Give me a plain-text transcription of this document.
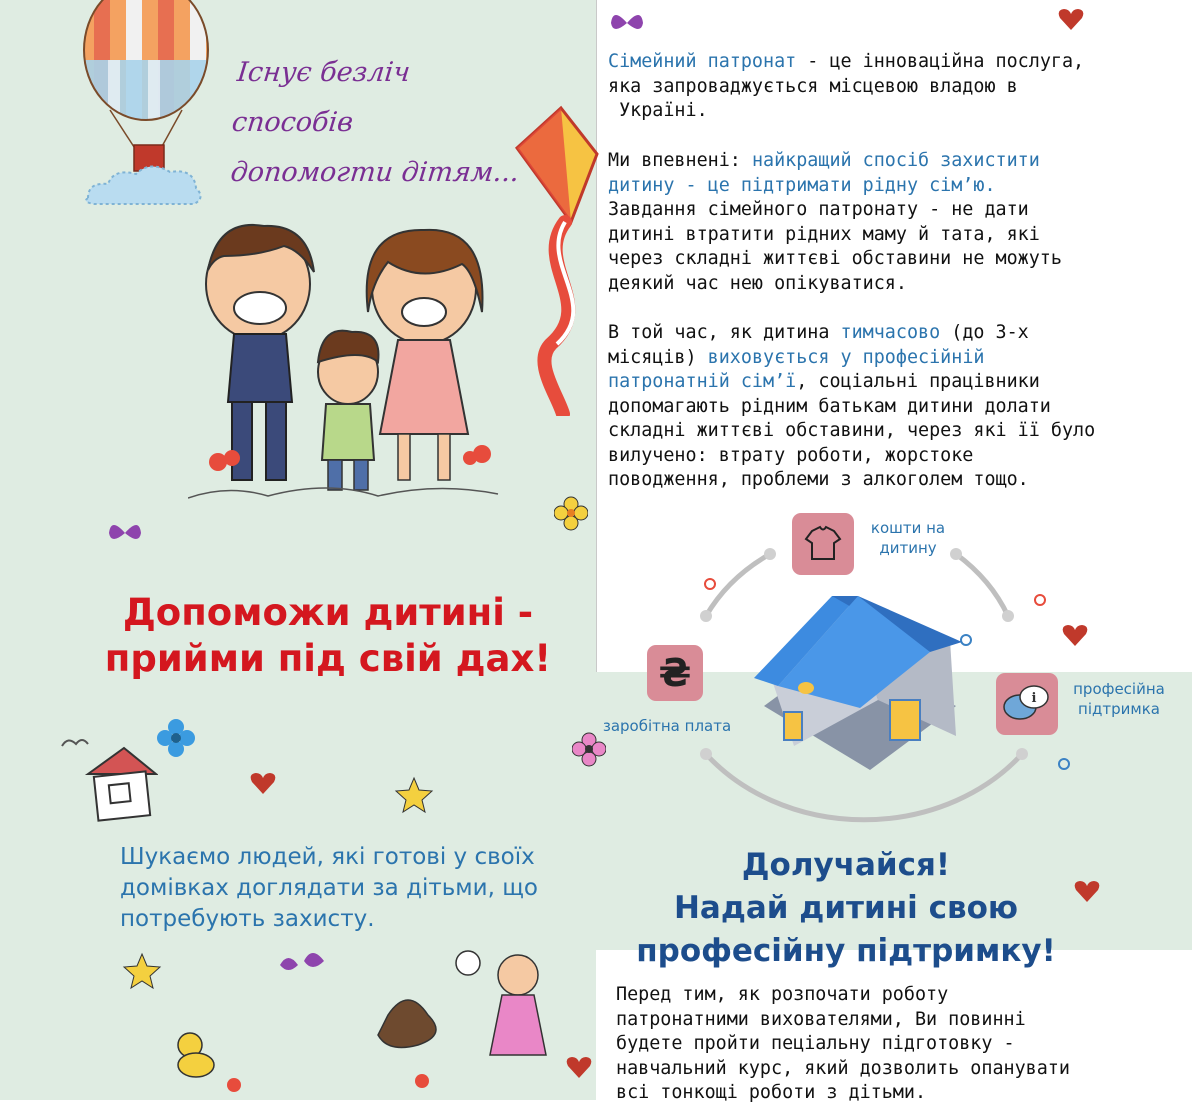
Існує безліч способів
допомогти дітям...
Сімейний патронат - це інноваційна послуга,
яка запроваджується місцевою владою в
Україні.
Ми впевнені: найкращий спосіб захистити
дитину - це підтримати рідну сім’ю.
Завдання сімейного патронату - не дати
дитині втратити рідних маму й тата, які
через складні життєві обставини не можуть
деякий час нею опікуватися.
В той час, як дитина тимчасово (до 3-х
місяців) виховується у професійній
патронатній сім’ї, соціальні працівники
допомагають рідним батькам дитини долати
складні життєві обставини, через які її було
вилучено: втрату роботи, жорстоке
поводження, проблеми з алкоголем тощо.
Допоможи дитині -
прийми під свій дах!
Шукаємо людей, які готові у своїх
домівках доглядати за дітьми, що
потребують захисту.
кошти на
дитину
₴
заробітна плата
i
професійна
підтримка
Долучайся!
Надай дитині свою
професійну підтримку!
Перед тим, як розпочати роботу
патронатними вихователями, Ви повинні
будете пройти пеціальну підготовку -
навчальний курс, який дозволить опанувати
всі тонкощі роботи з дітьми.
